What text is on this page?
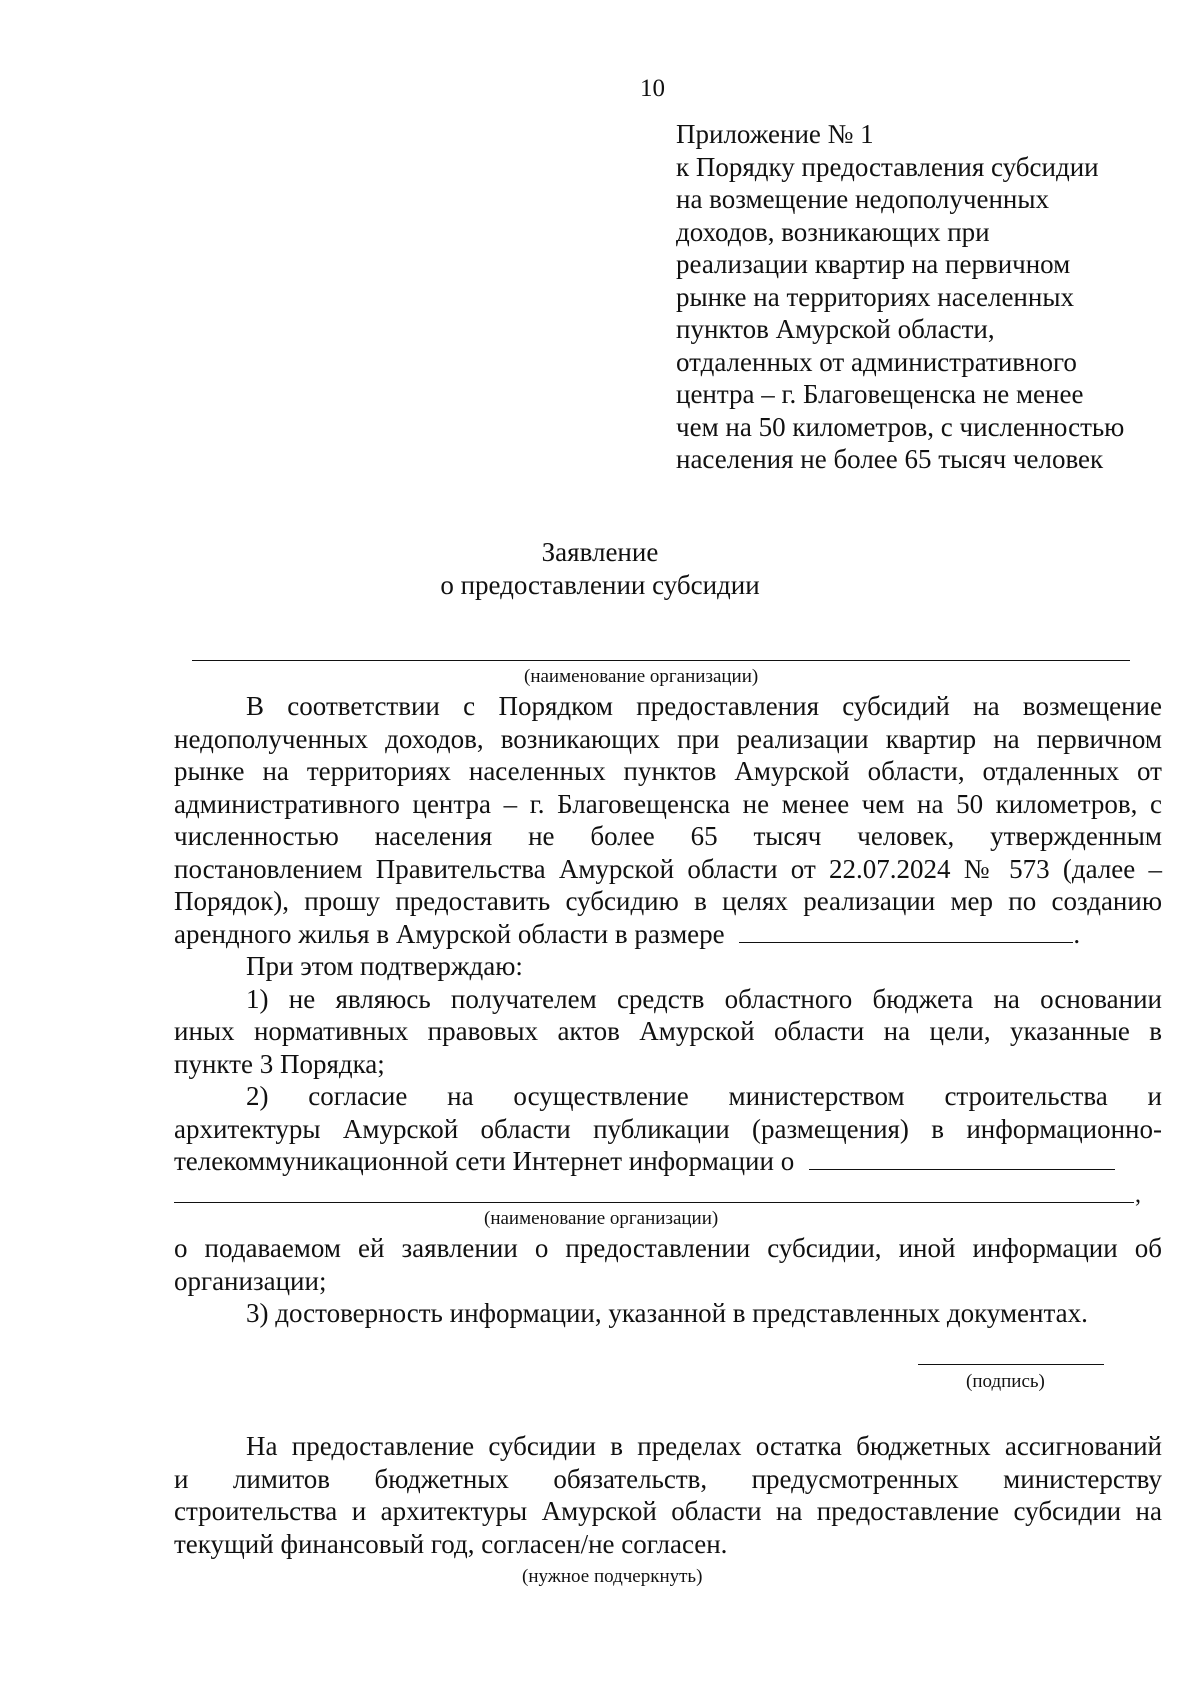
10
Приложение № 1
к Порядку предоставления субсидии
на возмещение недополученных
доходов, возникающих при
реализации квартир на первичном
рынке на территориях населенных
пунктов Амурской области,
отдаленных от административного
центра – г. Благовещенска не менее
чем на 50 километров, с численностью
населения не более 65 тысяч человек
Заявление
о предоставлении субсидии
(наименование организации)
В соответствии с Порядком предоставления субсидий на возмещение
недополученных доходов, возникающих при реализации квартир на первичном
рынке на территориях населенных пунктов Амурской области, отдаленных от
административного центра – г. Благовещенска не менее чем на 50 километров, с
численностью населения не более 65 тысяч человек, утвержденным
постановлением Правительства Амурской области от 22.07.2024 № 573 (далее –
Порядок), прошу предоставить субсидию в целях реализации мер по созданию
арендного жилья в Амурской области в размере	.
При этом подтверждаю:
1) не являюсь получателем средств областного бюджета на основании
иных нормативных правовых актов Амурской области на цели, указанные в
пункте 3 Порядка;
2) согласие на осуществление министерством строительства и
архитектуры Амурской области публикации (размещения) в информационно-
телекоммуникационной сети Интернет информации о
,
(наименование организации)
о подаваемом ей заявлении о предоставлении субсидии, иной информации об
организации;
3) достоверность информации, указанной в представленных документах.
(подпись)
На предоставление субсидии в пределах остатка бюджетных ассигнований
и лимитов бюджетных обязательств, предусмотренных министерству
строительства и архитектуры Амурской области на предоставление субсидии на
текущий финансовый год, согласен/не согласен.
(нужное подчеркнуть)
